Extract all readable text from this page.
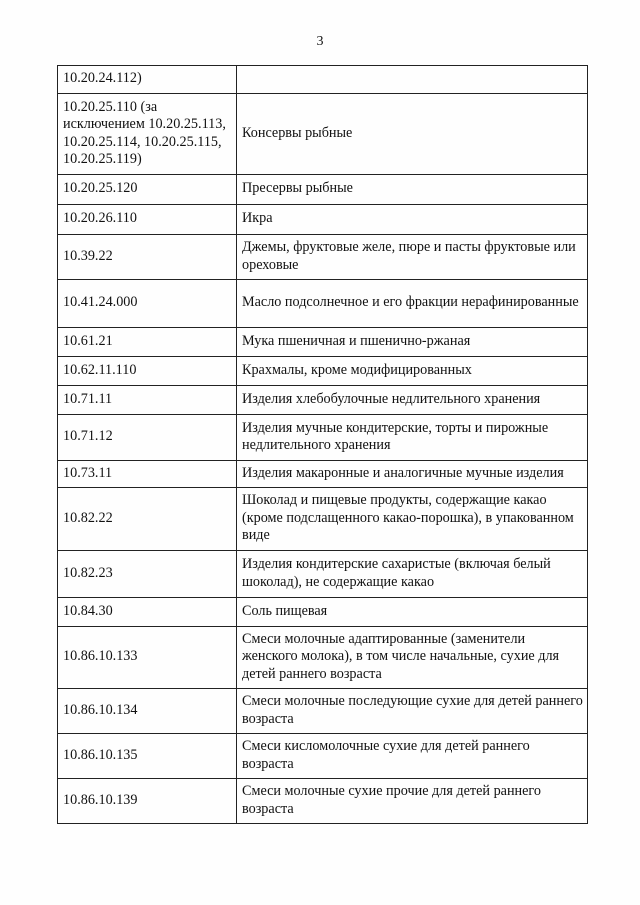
3
10.20.24.112)	
10.20.25.110 (за исключением 10.20.25.113, 10.20.25.114, 10.20.25.115, 10.20.25.119)	Консервы рыбные
10.20.25.120	Пресервы рыбные
10.20.26.110	Икра
10.39.22	Джемы, фруктовые желе, пюре и пасты фруктовые или ореховые
10.41.24.000	Масло подсолнечное и его фракции нерафинированные
10.61.21	Мука пшеничная и пшенично-ржаная
10.62.11.110	Крахмалы, кроме модифицированных
10.71.11	Изделия хлебобулочные недлительного хранения
10.71.12	Изделия мучные кондитерские, торты и пирожные недлительного хранения
10.73.11	Изделия макаронные и аналогичные мучные изделия
10.82.22	Шоколад и пищевые продукты, содержащие какао (кроме подслащенного какао-порошка), в упакованном виде
10.82.23	Изделия кондитерские сахаристые (включая белый шоколад), не содержащие какао
10.84.30	Соль пищевая
10.86.10.133	Смеси молочные адаптированные (заменители женского молока), в том числе начальные, сухие для детей раннего возраста
10.86.10.134	Смеси молочные последующие сухие для детей раннего возраста
10.86.10.135	Смеси кисломолочные сухие для детей раннего возраста
10.86.10.139	Смеси молочные сухие прочие для детей раннего возраста
